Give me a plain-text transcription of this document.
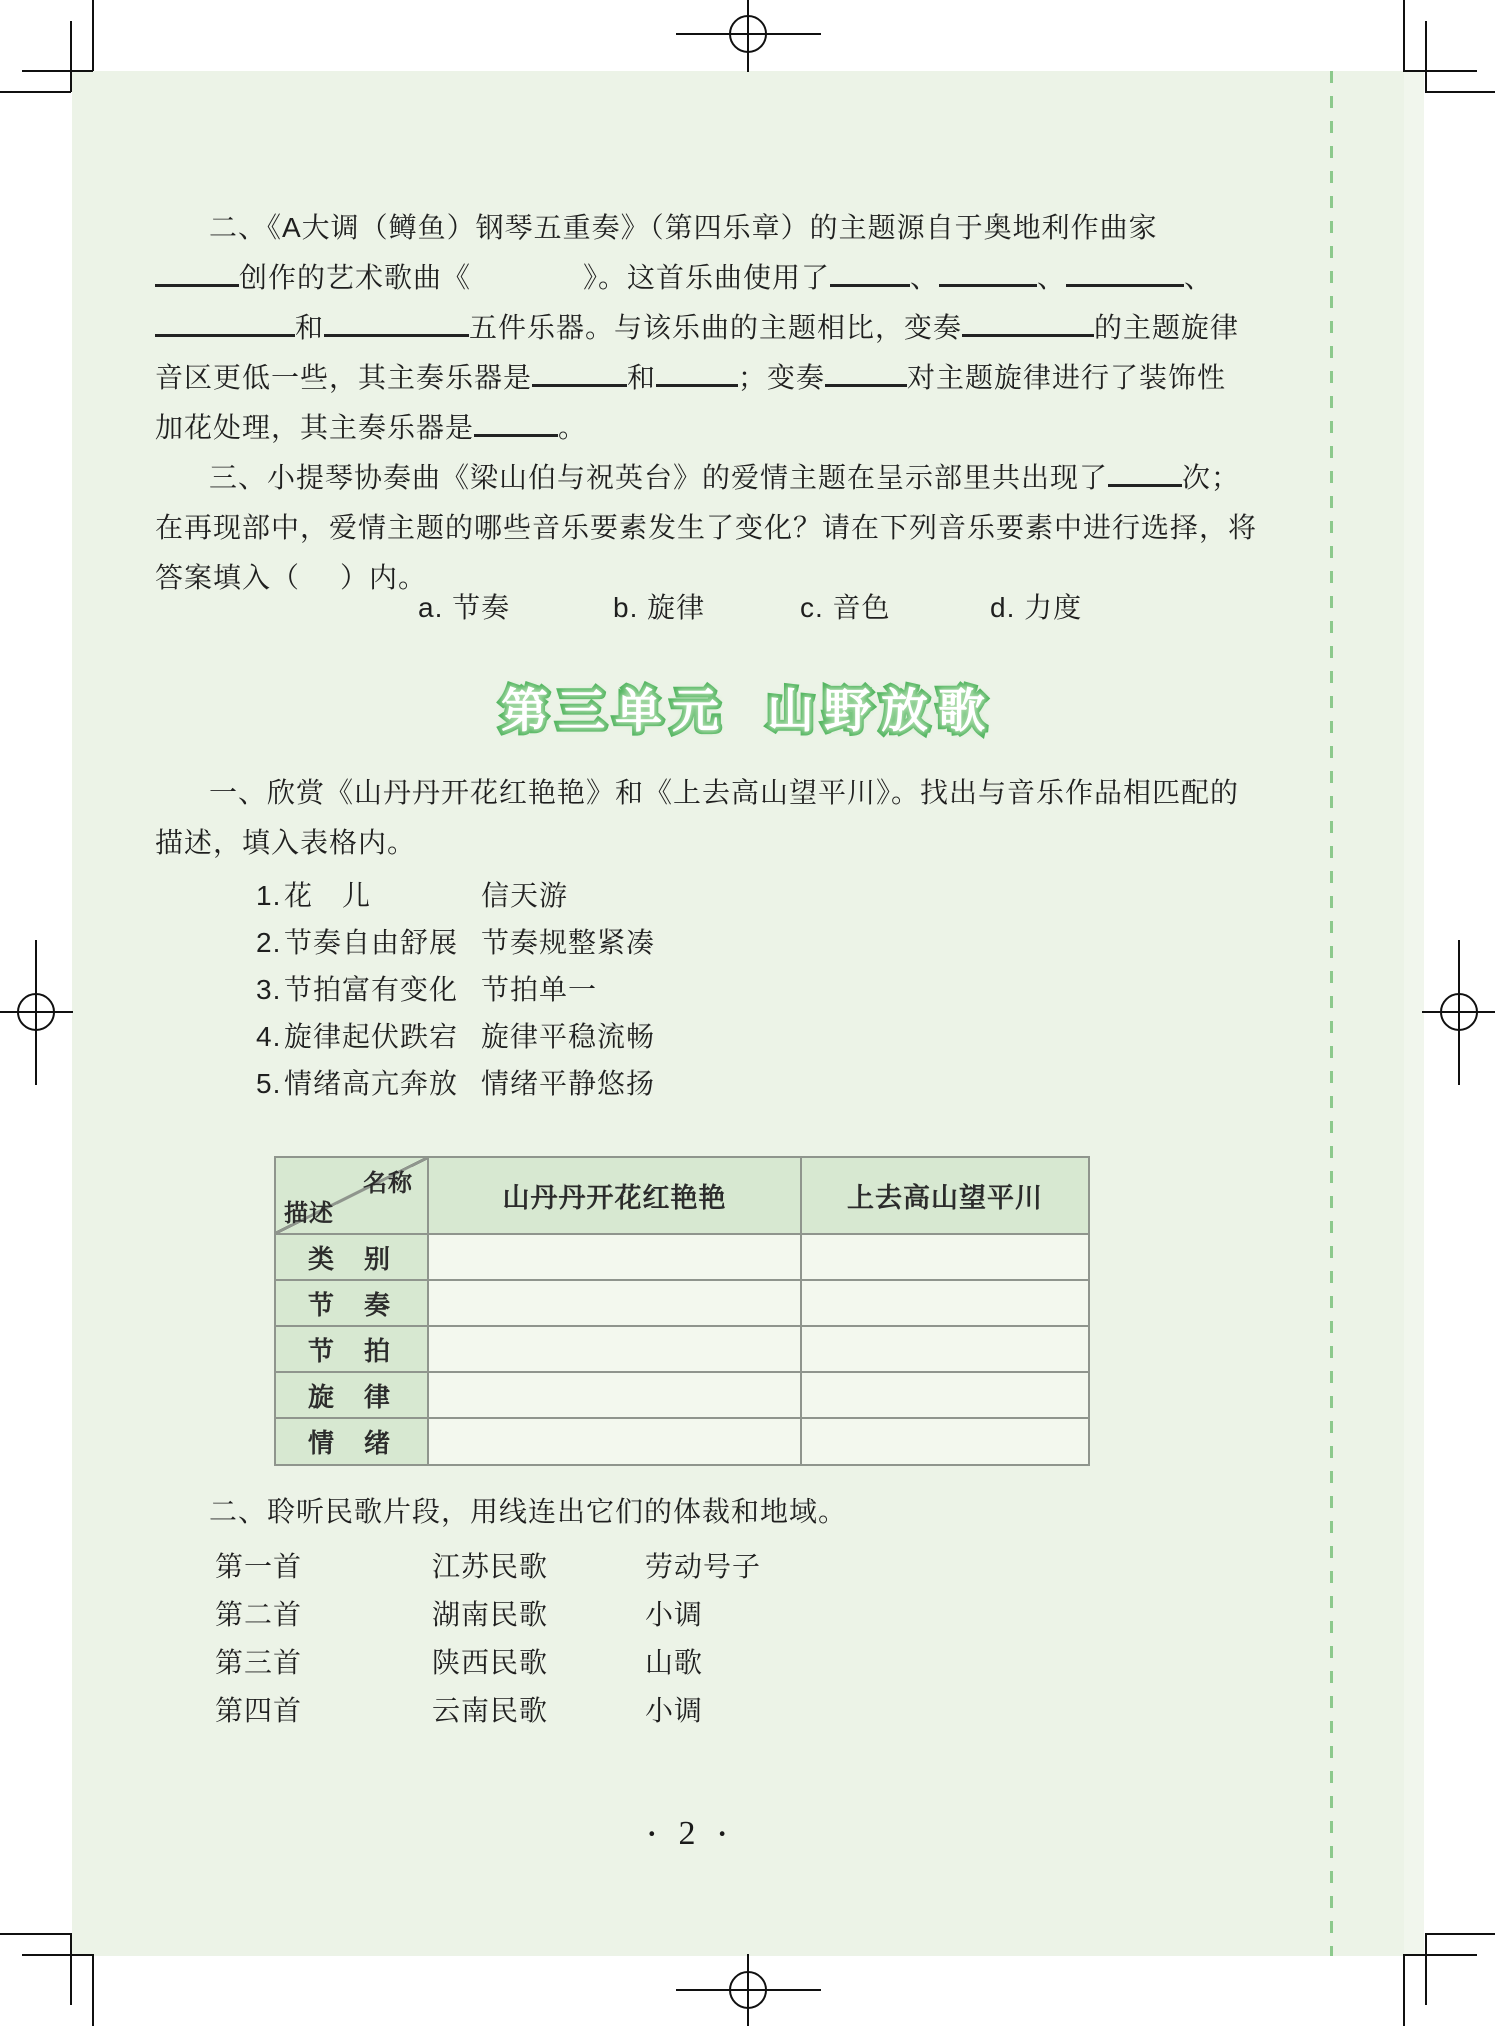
二、《A大调（鳟鱼）钢琴五重奏》（第四乐章）的主题源自于奥地利作曲家
创作的艺术歌曲《	》。这首乐曲使用了	、	、	、
和	五件乐器。与该乐曲的主题相比，变奏	的主题旋律
音区更低一些，其主奏乐器是	和	；变奏	对主题旋律进行了装饰性
加花处理，其主奏乐器是	。
三、小提琴协奏曲《梁山伯与祝英台》的爱情主题在呈示部里共出现了	次；
在再现部中，爱情主题的哪些音乐要素发生了变化？请在下列音乐要素中进行选择，将
答案填入（ ）内。
a. 节奏	b. 旋律	c. 音色	d. 力度
第三单元 山野放歌
一、欣赏《山丹丹开花红艳艳》和《上去高山望平川》。找出与音乐作品相匹配的
描述，填入表格内。
1. 花　儿	信天游
2. 节奏自由舒展 节奏规整紧凑
3. 节拍富有变化 节拍单一
4. 旋律起伏跌宕 旋律平稳流畅
5. 情绪高亢奔放 情绪平静悠扬
名称
描述	山丹丹开花红艳艳	上去高山望平川
类　别		
节　奏		
节　拍		
旋　律		
情　绪		
二、聆听民歌片段，用线连出它们的体裁和地域。
第一首	江苏民歌	劳动号子
第二首	湖南民歌	小调
第三首	陕西民歌	山歌
第四首	云南民歌	小调
· 2 ·
